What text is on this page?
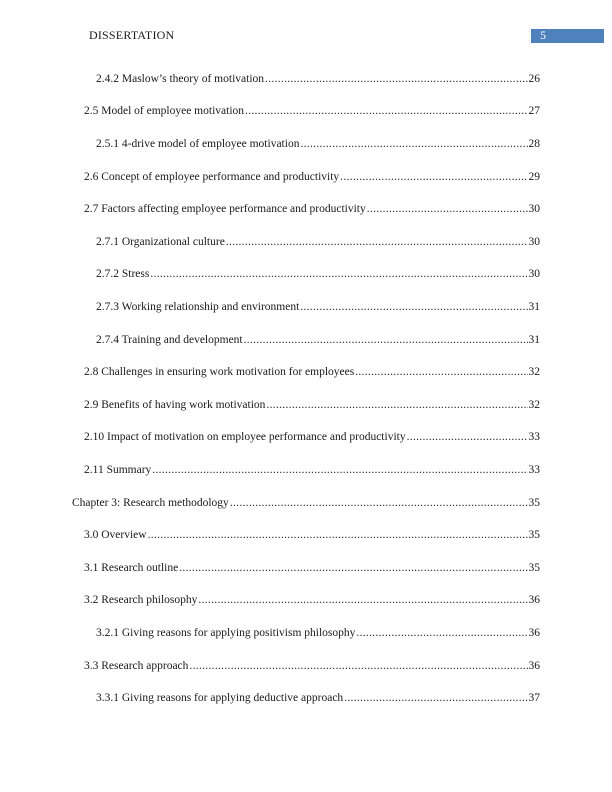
DISSERTATION	5
2.4.2 Maslow’s theory of motivation .....	26
2.5 Model of employee motivation .....	27
2.5.1 4-drive model of employee motivation .....	28
2.6 Concept of employee performance and productivity .....	29
2.7 Factors affecting employee performance and productivity .....	30
2.7.1 Organizational culture .....	30
2.7.2 Stress .....	30
2.7.3 Working relationship and environment .....	31
2.7.4 Training and development .....	31
2.8 Challenges in ensuring work motivation for employees .....	32
2.9 Benefits of having work motivation .....	32
2.10 Impact of motivation on employee performance and productivity .....	33
2.11 Summary .....	33
Chapter 3: Research methodology .....	35
3.0 Overview .....	35
3.1 Research outline .....	35
3.2 Research philosophy .....	36
3.2.1 Giving reasons for applying positivism philosophy .....	36
3.3 Research approach .....	36
3.3.1 Giving reasons for applying deductive approach .....	37
